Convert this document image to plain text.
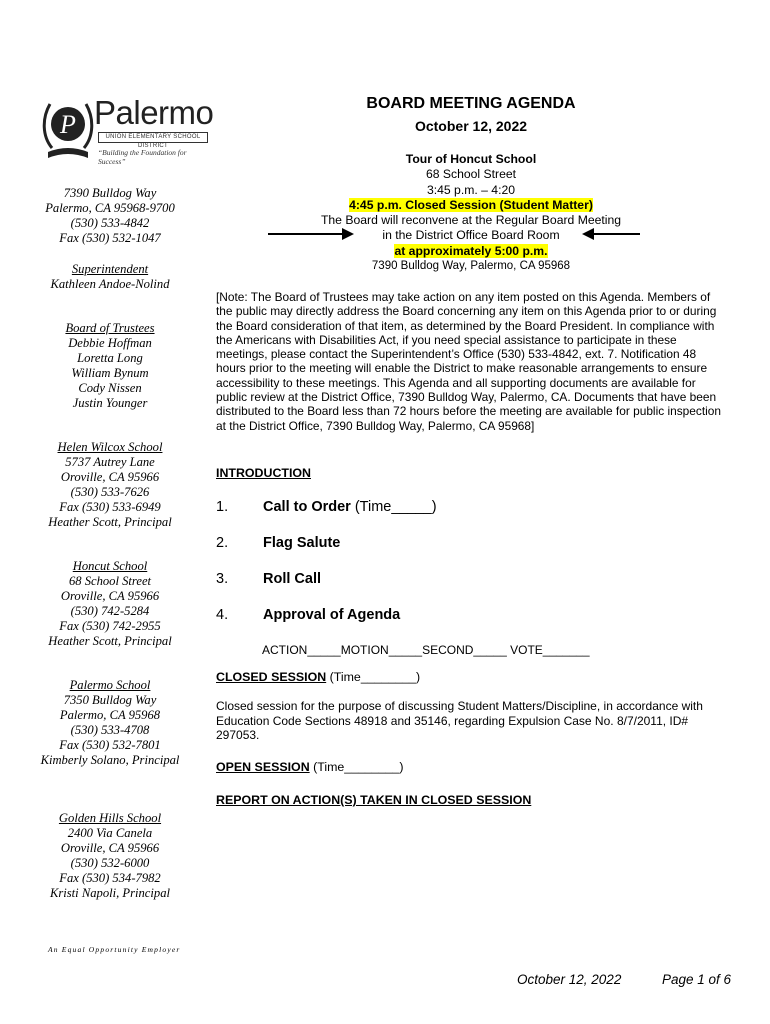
P Palermo
UNION ELEMENTARY SCHOOL DISTRICT
“Building the Foundation for Success”
7390 Bulldog Way
Palermo, CA 95968-9700
(530) 533-4842
Fax (530) 532-1047
Superintendent
Kathleen Andoe-Nolind
Board of Trustees
Debbie Hoffman
Loretta Long
William Bynum
Cody Nissen
Justin Younger
Helen Wilcox School
5737 Autrey Lane
Oroville, CA 95966
(530) 533-7626
Fax (530) 533-6949
Heather Scott, Principal
Honcut School
68 School Street
Oroville, CA 95966
(530) 742-5284
Fax (530) 742-2955
Heather Scott, Principal
Palermo School
7350 Bulldog Way
Palermo, CA 95968
(530) 533-4708
Fax (530) 532-7801
Kimberly Solano, Principal
Golden Hills School
2400 Via Canela
Oroville, CA 95966
(530) 532-6000
Fax (530) 534-7982
Kristi Napoli, Principal
An Equal Opportunity Employer
BOARD MEETING AGENDA
October 12, 2022
Tour of Honcut School
68 School Street
3:45 p.m. – 4:20
4:45 p.m. Closed Session (Student Matter)
The Board will reconvene at the Regular Board Meeting
in the District Office Board Room
at approximately 5:00 p.m.
7390 Bulldog Way, Palermo, CA 95968
[Note: The Board of Trustees may take action on any item posted on this Agenda. Members of
the public may directly address the Board concerning any item on this Agenda prior to or during
the Board consideration of that item, as determined by the Board President. In compliance with
the Americans with Disabilities Act, if you need special assistance to participate in these
meetings, please contact the Superintendent’s Office (530) 533-4842, ext. 7. Notification 48
hours prior to the meeting will enable the District to make reasonable arrangements to ensure
accessibility to these meetings. This Agenda and all supporting documents are available for
public review at the District Office, 7390 Bulldog Way, Palermo, CA. Documents that have been
distributed to the Board less than 72 hours before the meeting are available for public inspection
at the District Office, 7390 Bulldog Way, Palermo, CA 95968]
INTRODUCTION
1. Call to Order (Time_____)
2. Flag Salute
3. Roll Call
4. Approval of Agenda
ACTION_____MOTION_____SECOND_____ VOTE_______
CLOSED SESSION (Time________)
Closed session for the purpose of discussing Student Matters/Discipline, in accordance with
Education Code Sections 48918 and 35146, regarding Expulsion Case No. 8/7/2011, ID#
297053.
OPEN SESSION (Time________)
REPORT ON ACTION(S) TAKEN IN CLOSED SESSION
October 12, 2022	Page 1 of 6
